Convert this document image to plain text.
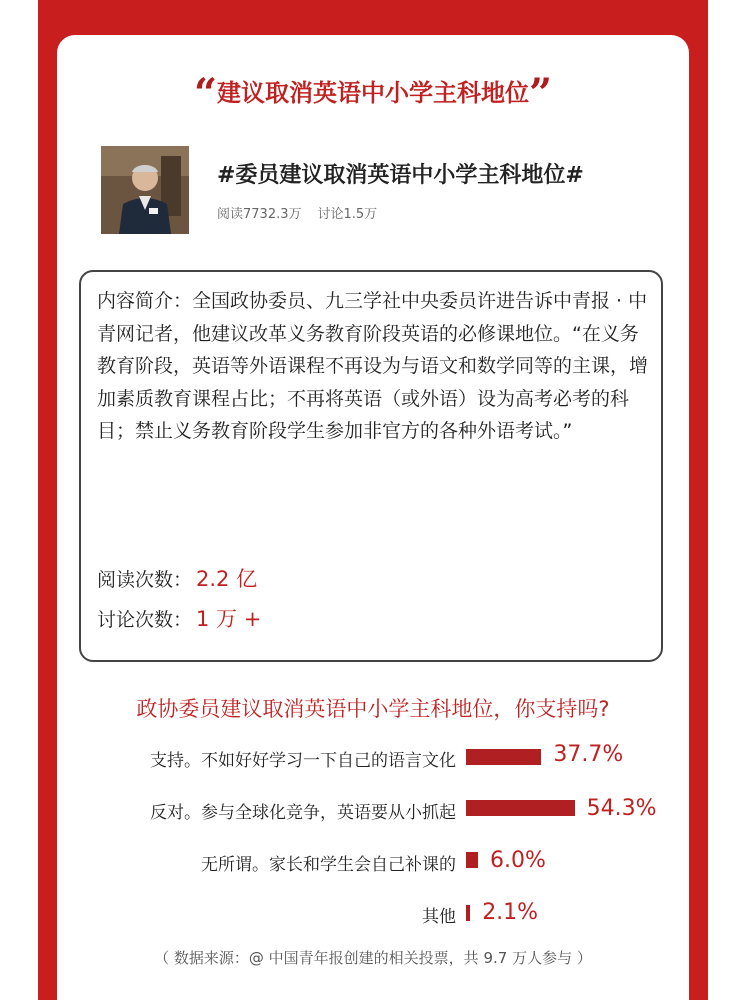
“建议取消英语中小学主科地位”
#委员建议取消英语中小学主科地位#
阅读7732.3万 讨论1.5万
内容简介：全国政协委员、九三学社中央委员许进告诉中青报 · 中青网记者，他建议改革义务教育阶段英语的必修课地位。“在义务教育阶段，英语等外语课程不再设为与语文和数学同等的主课，增加素质教育课程占比；不再将英语（或外语）设为高考必考的科目；禁止义务教育阶段学生参加非官方的各种外语考试。”
阅读次数： 2.2 亿
讨论次数： 1 万 +
政协委员建议取消英语中小学主科地位，你支持吗?
支持。不如好好学习一下自己的语言文化	37.7%
反对。参与全球化竞争，英语要从小抓起	54.3%
无所谓。家长和学生会自己补课的 6.0%
其他 2.1%
（ 数据来源：@ 中国青年报创建的相关投票，共 9.7 万人参与 ）
